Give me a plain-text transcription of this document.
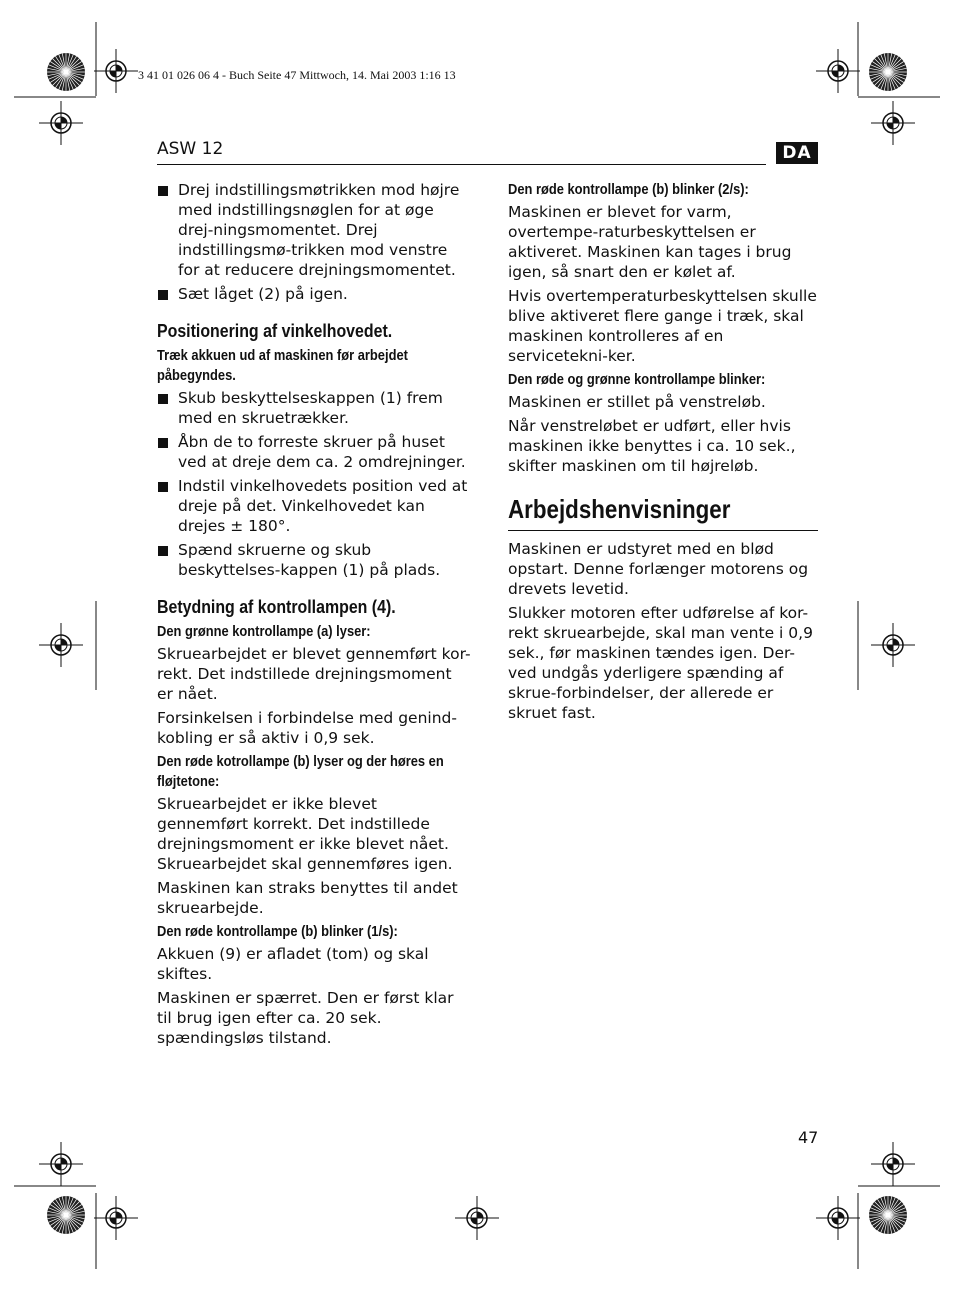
3 41 01 026 06 4 - Buch Seite 47 Mittwoch, 14. Mai 2003 1:16 13
ASW 12	DA
Drej indstillingsmøtrikken mod højre med indstillingsnøglen for at øge drej-ningsmomentet. Drej indstillingsmø-trikken mod venstre for at reducere drejningsmomentet.
Sæt låget (2) på igen.
Positionering af vinkelhovedet.
Træk akkuen ud af maskinen før arbejdet påbegyndes.
Skub beskyttelseskappen (1) frem med en skruetrækker.
Åbn de to forreste skruer på huset ved at dreje dem ca. 2 omdrejninger.
Indstil vinkelhovedets position ved at dreje på det. Vinkelhovedet kan drejes ± 180°.
Spænd skruerne og skub beskyttelses-kappen (1) på plads.
Betydning af kontrollampen (4).
Den grønne kontrollampe (a) lyser:
Skruearbejdet er blevet gennemført kor-rekt. Det indstillede drejningsmoment er nået.
Forsinkelsen i forbindelse med genind-kobling er så aktiv i 0,9 sek.
Den røde kotrollampe (b) lyser og der høres en fløjtetone:
Skruearbejdet er ikke blevet gennemført korrekt. Det indstillede drejningsmoment er ikke blevet nået. Skruearbejdet skal gennemføres igen.
Maskinen kan straks benyttes til andet skruearbejde.
Den røde kontrollampe (b) blinker (1/s):
Akkuen (9) er afladet (tom) og skal skiftes.
Maskinen er spærret. Den er først klar til brug igen efter ca. 20 sek. spændingsløs tilstand.
Den røde kontrollampe (b) blinker (2/s):
Maskinen er blevet for varm, overtempe-raturbeskyttelsen er aktiveret. Maskinen kan tages i brug igen, så snart den er kølet af.
Hvis overtemperaturbeskyttelsen skulle blive aktiveret flere gange i træk, skal maskinen kontrolleres af en servicetekni-ker.
Den røde og grønne kontrollampe blinker:
Maskinen er stillet på venstreløb.
Når venstreløbet er udført, eller hvis maskinen ikke benyttes i ca. 10 sek., skifter maskinen om til højreløb.
Arbejdshenvisninger
Maskinen er udstyret med en blød opstart. Denne forlænger motorens og drevets levetid.
Slukker motoren efter udførelse af kor-rekt skruearbejde, skal man vente i 0,9 sek., før maskinen tændes igen. Der-ved undgås yderligere spænding af skrue-forbindelser, der allerede er skruet fast.
47
